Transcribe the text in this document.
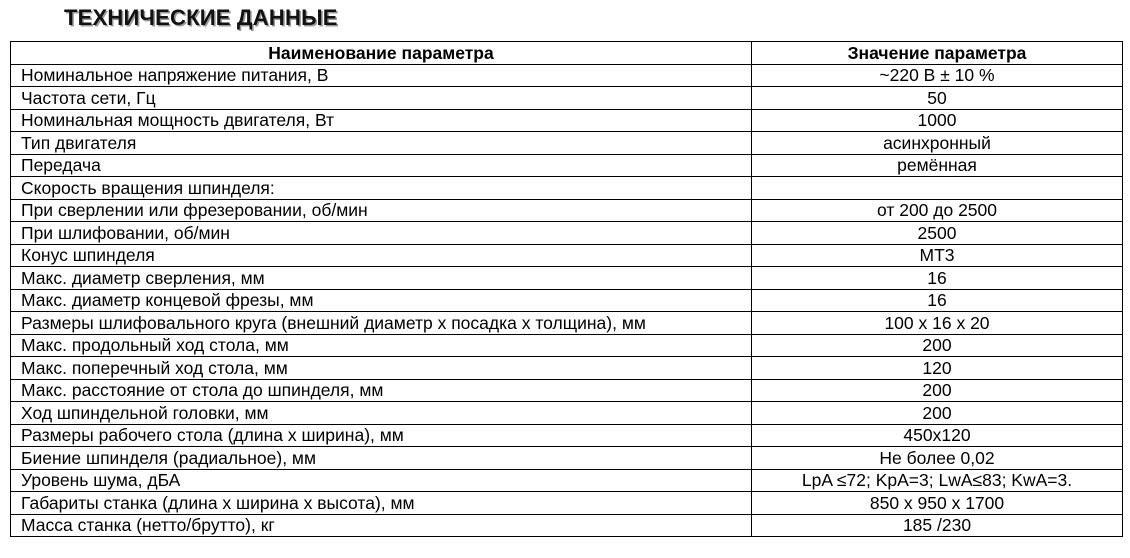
ТЕХНИЧЕСКИЕ ДАННЫЕ
Наименование параметра	Значение параметра
Номинальное напряжение питания, В	~220 В ± 10 %
Частота сети, Гц	50
Номинальная мощность двигателя, Вт	1000
Тип двигателя	асинхронный
Передача	ремённая
Скорость вращения шпинделя:	
При сверлении или фрезеровании, об/мин	от 200 до 2500
При шлифовании, об/мин	2500
Конус шпинделя	МТ3
Макс. диаметр сверления, мм	16
Макс. диаметр концевой фрезы, мм	16
Размеры шлифовального круга (внешний диаметр х посадка х толщина), мм	100 x 16 x 20
Макс. продольный ход стола, мм	200
Макс. поперечный ход стола, мм	120
Макс. расстояние от стола до шпинделя, мм	200
Ход шпиндельной головки, мм	200
Размеры рабочего стола (длина х ширина), мм	450х120
Биение шпинделя (радиальное), мм	Не более 0,02
Уровень шума, дБА	LpA ≤72; KpA=3; LwA≤83; KwA=3.
Габариты станка (длина х ширина х высота), мм	850 х 950 х 1700
Масса станка (нетто/брутто), кг	185 /230
